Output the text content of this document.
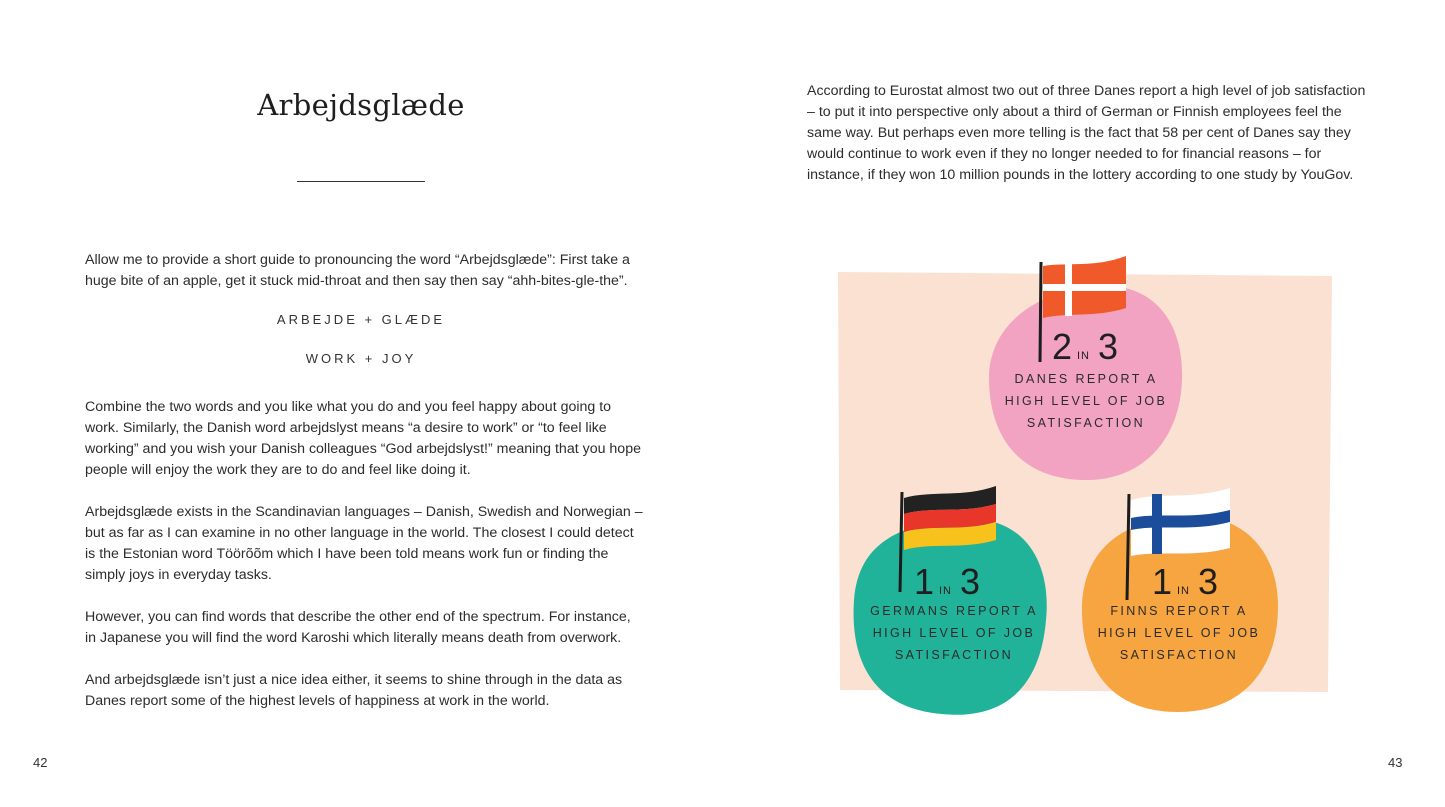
Arbejdsglæde

Allow me to provide a short guide to pronouncing the word “Arbejdsglæde”: First take a huge bite of an apple, get it stuck mid-throat and then say then say “ahh-bites-gle-the”.

ARBEJDE + GLÆDE
WORK + JOY

Combine the two words and you like what you do and you feel happy about going to work. Similarly, the Danish word arbejdslyst means “a desire to work” or “to feel like working” and you wish your Danish colleagues “God arbejdslyst!” meaning that you hope people will enjoy the work they are to do and feel like doing it.

Arbejdsglæde exists in the Scandinavian languages – Danish, Swedish and Norwegian – but as far as I can examine in no other language in the world. The closest I could detect is the Estonian word Töörõõm which I have been told means work fun or finding the simply joys in everyday tasks.

However, you can find words that describe the other end of the spectrum. For instance, in Japanese you will find the word Karoshi which literally means death from overwork.

And arbejdsglæde isn’t just a nice idea either, it seems to shine through in the data as Danes report some of the highest levels of happiness at work in the world.

42

According to Eurostat almost two out of three Danes report a high level of job satisfaction – to put it into perspective only about a third of German or Finnish employees feel the same way. But perhaps even more telling is the fact that 58 per cent of Danes say they would continue to work even if they no longer needed to for financial reasons – for instance, if they won 10 million pounds in the lottery according to one study by YouGov.

2 IN 3
DANES REPORT A
HIGH LEVEL OF JOB
SATISFACTION
1 IN 3
GERMANS REPORT A
HIGH LEVEL OF JOB
SATISFACTION
1 IN 3
FINNS REPORT A
HIGH LEVEL OF JOB
SATISFACTION
43
